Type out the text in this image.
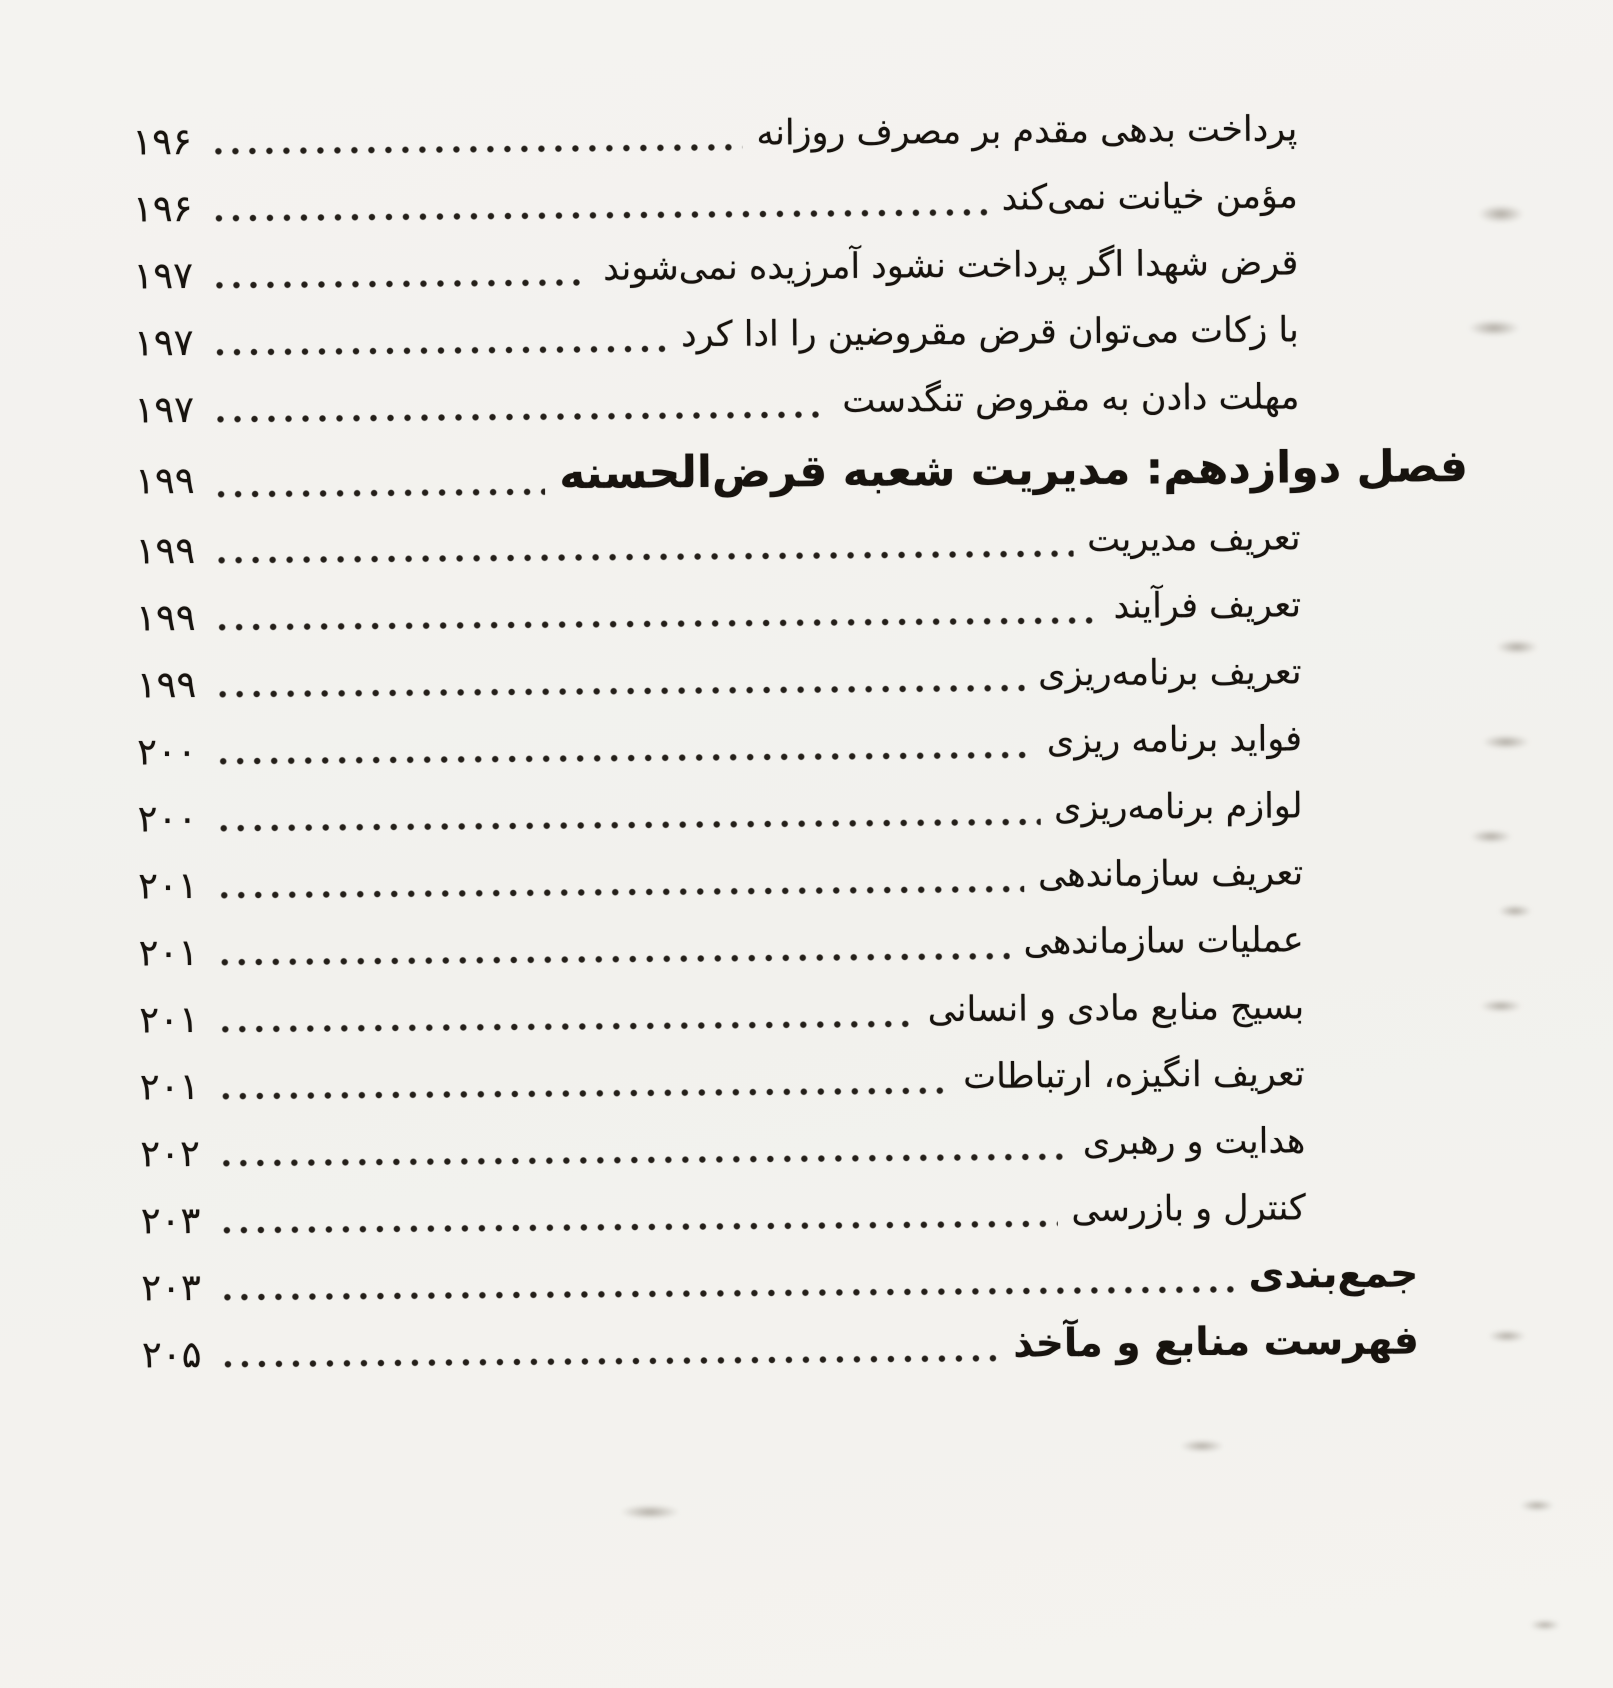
پرداخت بدهی مقدم بر مصرف روزانه
۱۹۶
مؤمن خیانت نمی‌کند
۱۹۶
قرض شهدا اگر پرداخت نشود آمرزیده نمی‌شوند
۱۹۷
با زکات می‌توان قرض مقروضین را ادا کرد
۱۹۷
مهلت دادن به مقروض تنگدست
۱۹۷
فصل دوازدهم: مدیریت شعبه قرض‌الحسنه
۱۹۹
تعریف مدیریت
۱۹۹
تعریف فرآیند
۱۹۹
تعریف برنامه‌ریزی
۱۹۹
فواید برنامه ریزی
۲۰۰
لوازم برنامه‌ریزی
۲۰۰
تعریف سازماندهی
۲۰۱
عملیات سازماندهی
۲۰۱
بسیج منابع مادی و انسانی
۲۰۱
تعریف انگیزه، ارتباطات
۲۰۱
هدایت و رهبری
۲۰۲
کنترل و بازرسی
۲۰۳
جمع‌بندی
۲۰۳
فهرست منابع و مآخذ
۲۰۵
